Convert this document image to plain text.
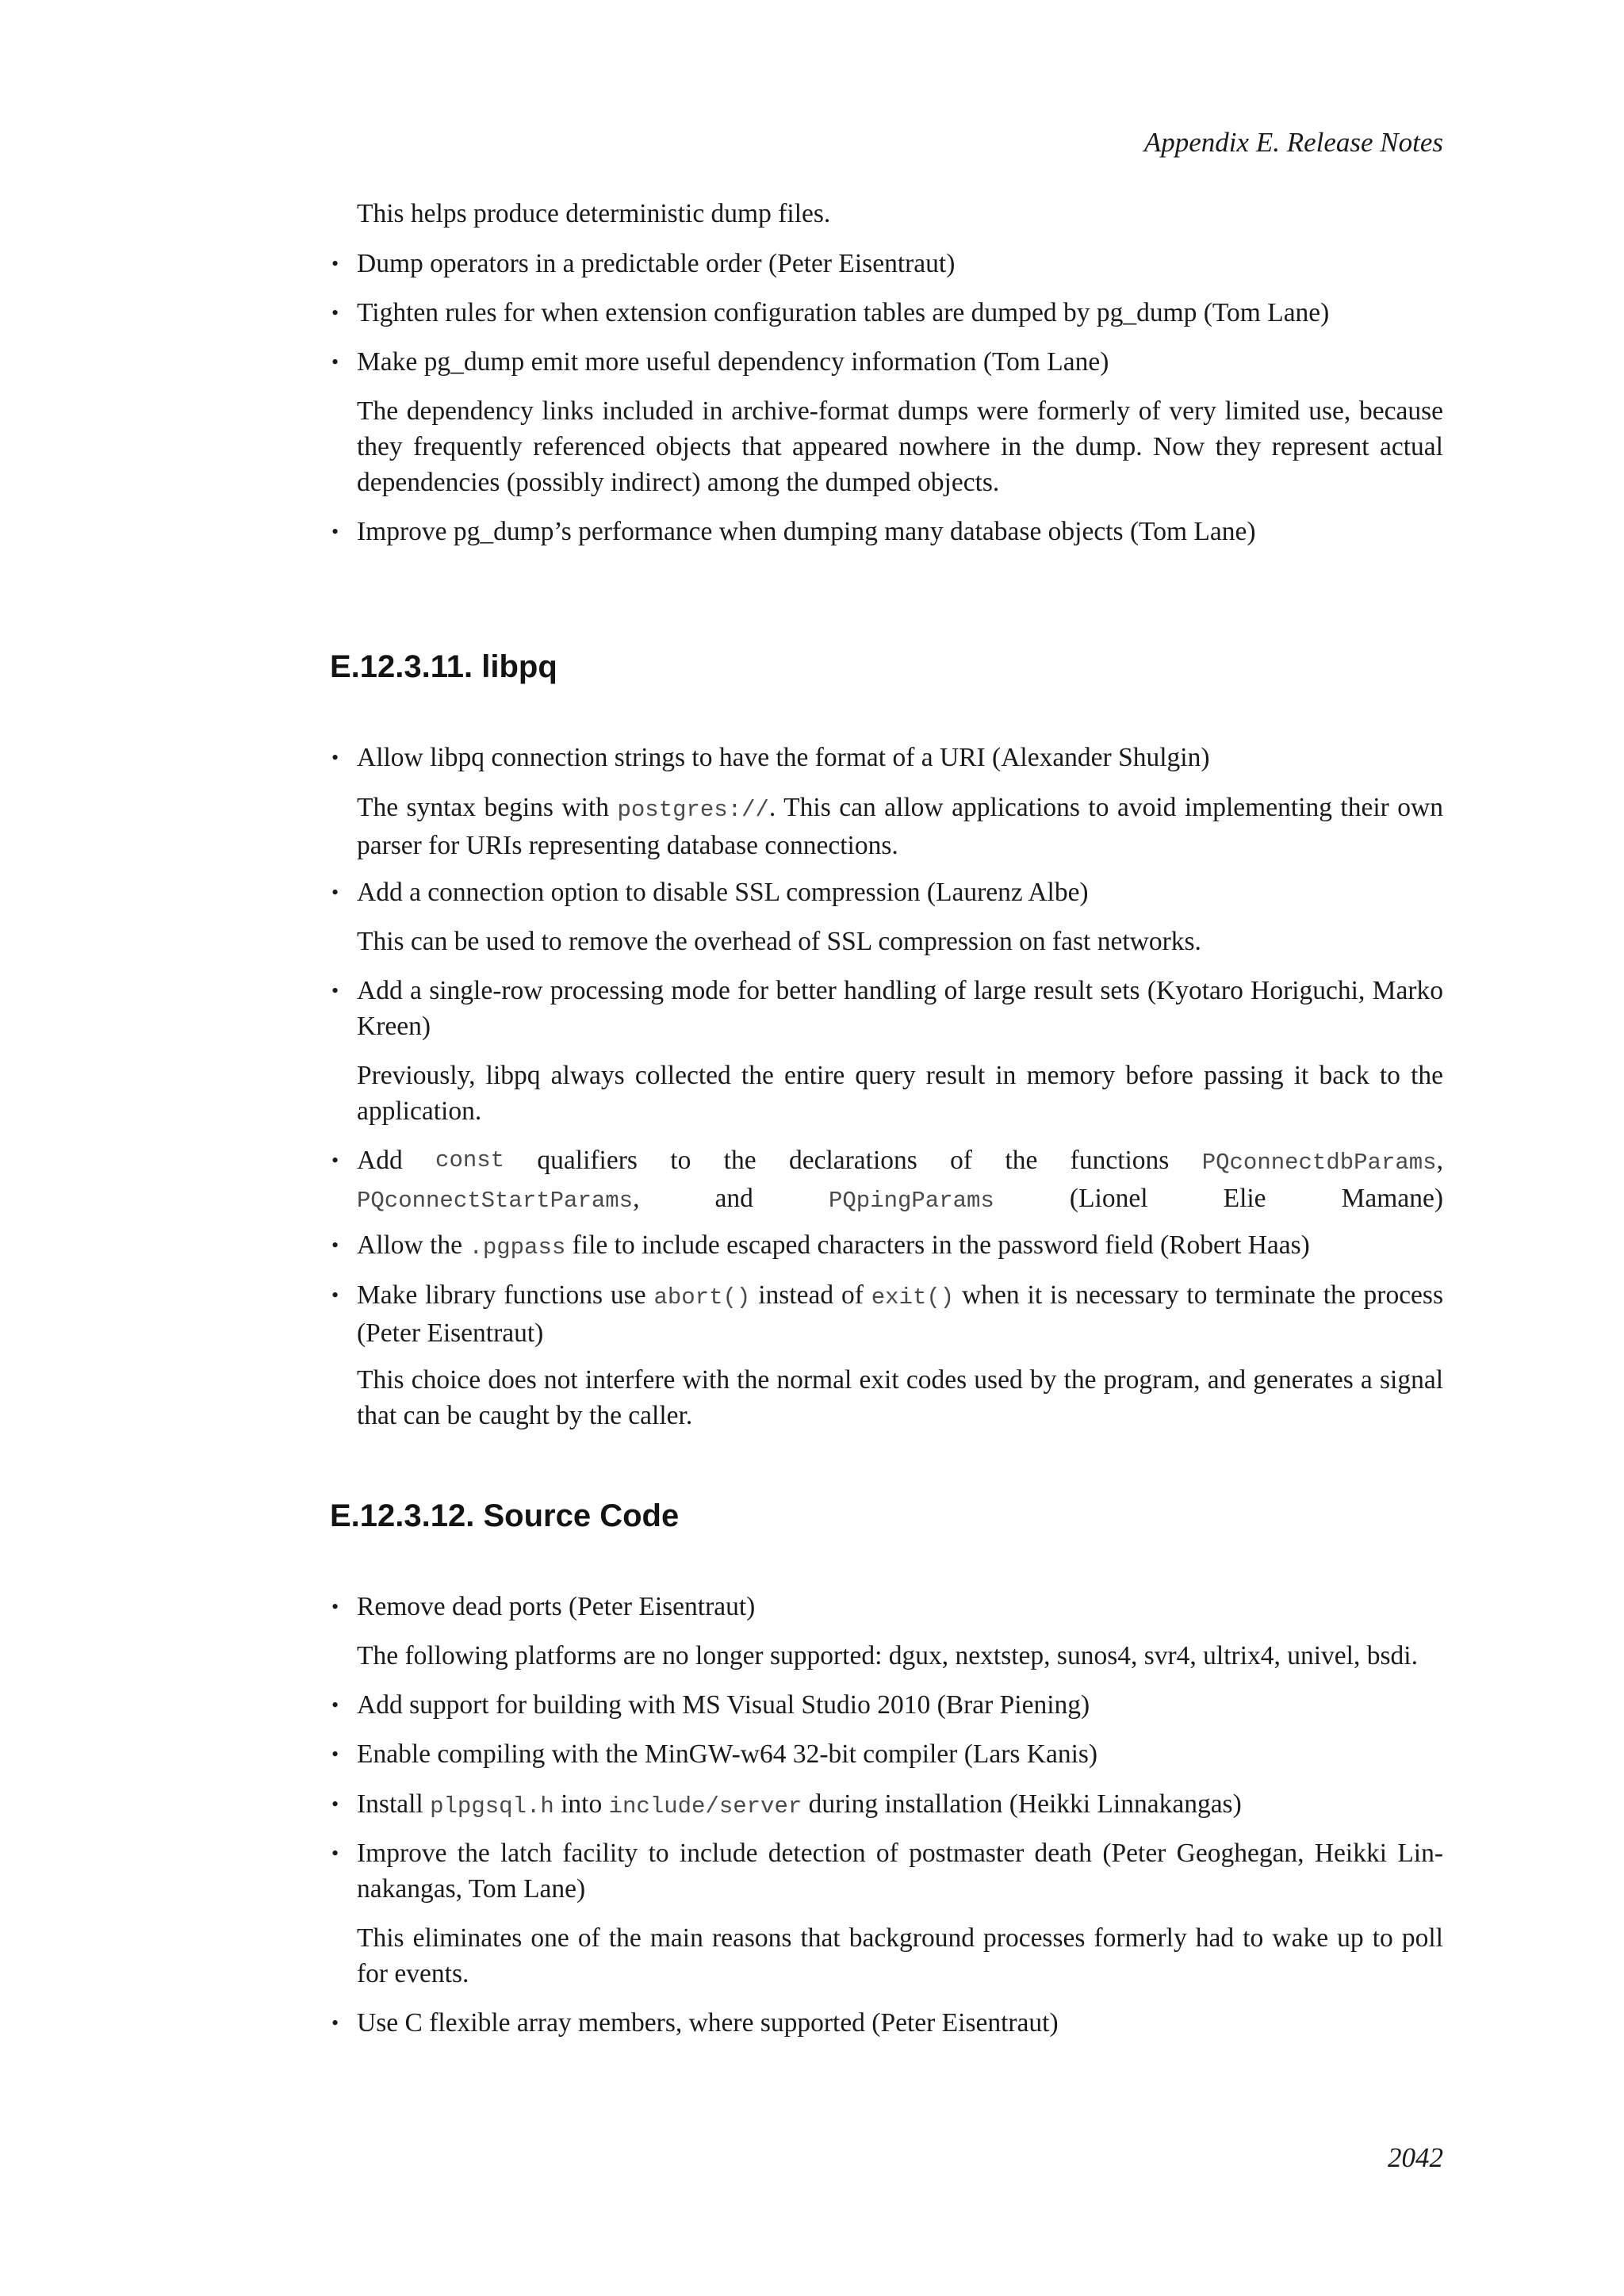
Appendix E. Release Notes
This helps produce deterministic dump files.
• Dump operators in a predictable order (Peter Eisentraut)
• Tighten rules for when extension configuration tables are dumped by pg_dump (Tom Lane)
• Make pg_dump emit more useful dependency information (Tom Lane)
The dependency links included in archive-format dumps were formerly of very limited use, because they frequently referenced objects that appeared nowhere in the dump. Now they represent actual dependencies (possibly indirect) among the dumped objects.
• Improve pg_dump’s performance when dumping many database objects (Tom Lane)
E.12.3.11. libpq
• Allow libpq connection strings to have the format of a URI (Alexander Shulgin)
The syntax begins with postgres://. This can allow applications to avoid implementing their own parser for URIs representing database connections.
• Add a connection option to disable SSL compression (Laurenz Albe)
This can be used to remove the overhead of SSL compression on fast networks.
• Add a single-row processing mode for better handling of large result sets (Kyotaro Horiguchi, Marko Kreen)
Previously, libpq always collected the entire query result in memory before passing it back to the application.
• Add const qualifiers to the declarations of the functions PQconnectdbParams,
PQconnectStartParams, and PQpingParams (Lionel Elie Mamane)
• Allow the .pgpass file to include escaped characters in the password field (Robert Haas)
• Make library functions use abort() instead of exit() when it is necessary to terminate the process (Peter Eisentraut)
This choice does not interfere with the normal exit codes used by the program, and generates a signal that can be caught by the caller.
E.12.3.12. Source Code
• Remove dead ports (Peter Eisentraut)
The following platforms are no longer supported: dgux, nextstep, sunos4, svr4, ultrix4, univel, bsdi.
• Add support for building with MS Visual Studio 2010 (Brar Piening)
• Enable compiling with the MinGW-w64 32-bit compiler (Lars Kanis)
• Install plpgsql.h into include/server during installation (Heikki Linnakangas)
• Improve the latch facility to include detection of postmaster death (Peter Geoghegan, Heikki Lin-nakangas, Tom Lane)
This eliminates one of the main reasons that background processes formerly had to wake up to poll for events.
• Use C flexible array members, where supported (Peter Eisentraut)
2042
